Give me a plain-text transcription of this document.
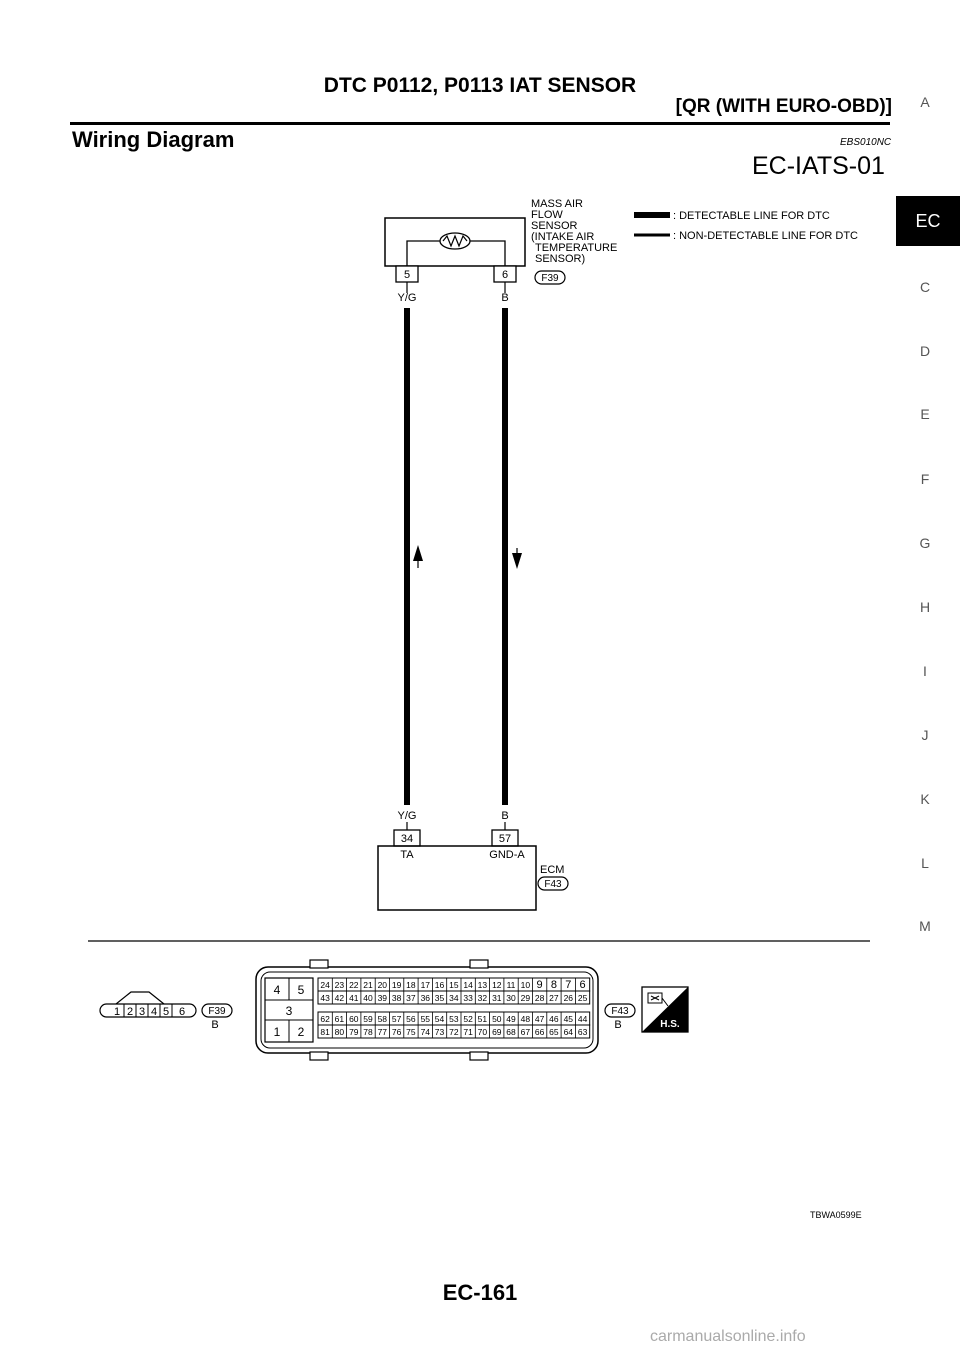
DTC P0112, P0113 IAT SENSOR
[QR (WITH EURO-OBD)]
Wiring Diagram	EBS010NC
EC-IATS-01
A
EC
C
D
E
F
G
H
I
J
K
L
M
5	6
MASS AIR FLOW SENSOR (INTAKE AIR TEMPERATURE SENSOR)
F39
Y/G	B
: DETECTABLE LINE FOR DTC
: NON-DETECTABLE LINE FOR DTC
Y/G	B
34	57
TA	GND-A
ECM
F43
1 2 3 4 5 6 F39
B
4 5
3
1 2
24 23 22 21 20 19 18 17 16 15 14 13 12 11 10 9 8 7 6
43 42 41 40 39 38 37 36 35 34 33 32 31 30 29 28 27 26 25
62 61 60 59 58 57 56 55 54 53 52 51 50 49 48 47 46 45 44
81 80 79 78 77 76 75 74 73 72 71 70 69 68 67 66 65 64 63
F43
B	H.S.
TBWA0599E
EC-161
carmanualsonline.info
